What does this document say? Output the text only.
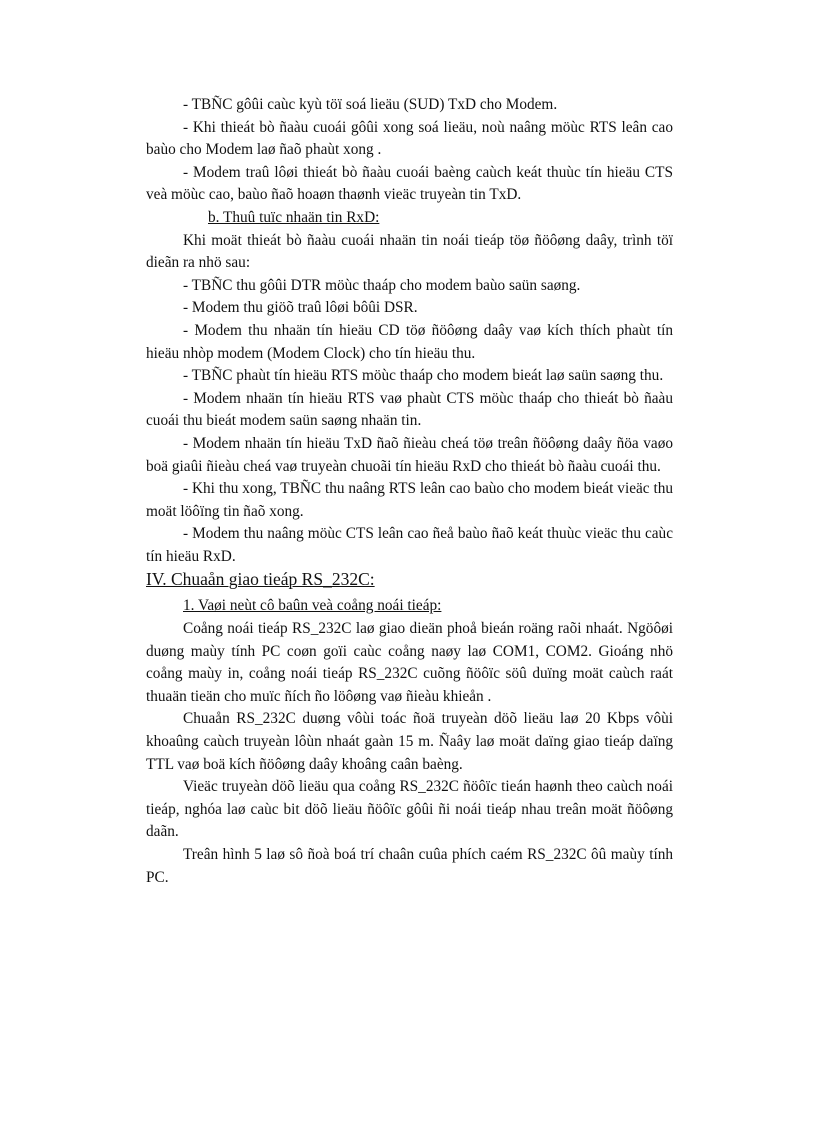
- TBÑC gôûi caùc kyù töï soá lieäu (SUD) TxD cho Modem.

- Khi thieát bò ñaàu cuoái gôûi xong soá lieäu, noù naâng möùc RTS leân cao baùo cho Modem laø ñaõ phaùt xong .

- Modem traû lôøi thieát bò ñaàu cuoái baèng caùch keát thuùc tín hieäu CTS veà möùc cao, baùo ñaõ hoaøn thaønh vieäc truyeàn tin TxD.

b. Thuû tuïc nhaän tin RxD:

Khi moät thieát bò ñaàu cuoái nhaän tin noái tieáp töø ñöôøng daây, trình töï dieãn ra nhö sau:

- TBÑC thu gôûi DTR möùc thaáp cho modem baùo saün saøng.

- Modem thu giöõ traû lôøi bôûi DSR.

- Modem thu nhaän tín hieäu CD töø ñöôøng daây vaø kích thích phaùt tín hieäu nhòp modem (Modem Clock) cho tín hieäu thu.

- TBÑC phaùt tín hieäu RTS möùc thaáp cho modem bieát laø saün saøng thu.

- Modem nhaän tín hieäu RTS vaø phaùt CTS möùc thaáp cho thieát bò ñaàu cuoái thu bieát modem saün saøng nhaän tin.

- Modem nhaän tín hieäu TxD ñaõ ñieàu cheá töø treân ñöôøng daây ñöa vaøo boä giaûi ñieàu cheá vaø truyeàn chuoãi tín hieäu RxD cho thieát bò ñaàu cuoái thu.

- Khi thu xong, TBÑC thu naâng RTS leân cao baùo cho modem bieát vieäc thu moät löôïng tin ñaõ xong.

- Modem thu naâng möùc CTS leân cao ñeå baùo ñaõ keát thuùc vieäc thu caùc tín hieäu RxD.

IV. Chuaån giao tieáp RS_232C:
1. Vaøi neùt cô baûn veà coång noái tieáp:

Coång noái tieáp RS_232C laø giao dieän phoå bieán roäng raõi nhaát. Ngöôøi duøng maùy tính PC coøn goïi caùc coång naøy laø COM1, COM2. Gioáng nhö coång maùy in, coång noái tieáp RS_232C cuõng ñöôïc söû duïng moät caùch raát thuaän tieän cho muïc ñích ño löôøng vaø ñieàu khieån .

Chuaån RS_232C duøng vôùi toác ñoä truyeàn döõ lieäu laø 20 Kbps vôùi khoaûng caùch truyeàn lôùn nhaát gaàn 15 m. Ñaây laø moät daïng giao tieáp daïng TTL vaø boä kích ñöôøng daây khoâng caân baèng.

Vieäc truyeàn döõ lieäu qua coång RS_232C ñöôïc tieán haønh theo caùch noái tieáp, nghóa laø caùc bit döõ lieäu ñöôïc gôûi ñi noái tieáp nhau treân moät ñöôøng daãn.

Treân hình 5 laø sô ñoà boá trí chaân cuûa phích caém RS_232C ôû maùy tính PC.
